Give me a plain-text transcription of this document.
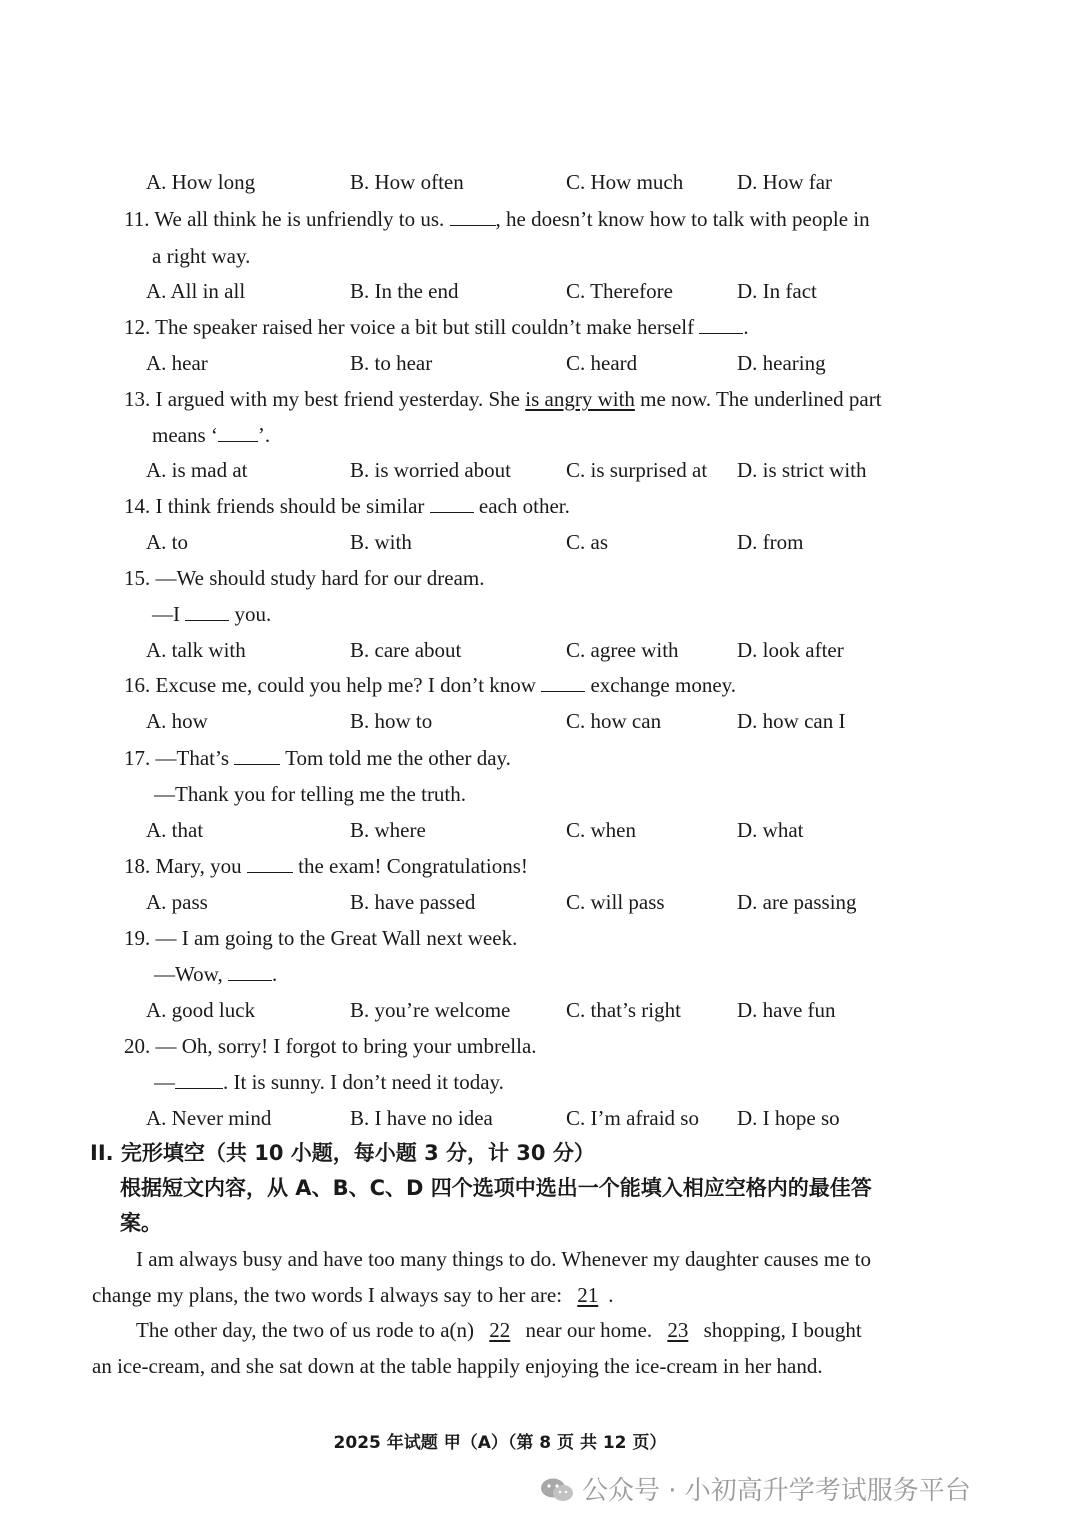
A. How long	B. How often	C. How much	D. How far
11. We all think he is unfriendly to us. , he doesn’t know how to talk with people in
a right way.
A. All in all	B. In the end	C. Therefore	D. In fact
12. The speaker raised her voice a bit but still couldn’t make herself .
A. hear	B. to hear	C. heard	D. hearing
13. I argued with my best friend yesterday. She is angry with me now. The underlined part
means ‘ ’.
A. is mad at	B. is worried about	C. is surprised at D. is strict with
14. I think friends should be similar	each other.
A. to	B. with	C. as	D. from
15. —We should study hard for our dream.
—I	you.
A. talk with	B. care about	C. agree with	D. look after
16. Excuse me, could you help me? I don’t know	exchange money.
A. how	B. how to	C. how can	D. how can I
17. —That’s	Tom told me the other day.
—Thank you for telling me the truth.
A. that	B. where	C. when	D. what
18. Mary, you	the exam! Congratulations!
A. pass	B. have passed	C. will pass	D. are passing
19. — I am going to the Great Wall next week.
—Wow, .
A. good luck	B. you’re welcome	C. that’s right	D. have fun
20. — Oh, sorry! I forgot to bring your umbrella.
— . It is sunny. I don’t need it today.
A. Never mind	B. I have no idea	C. I’m afraid so D. I hope so
II. 完形填空（共 10 小题，每小题 3 分，计 30 分）
根据短文内容，从 A、B、C、D 四个选项中选出一个能填入相应空格内的最佳答
案。
I am always busy and have too many things to do. Whenever my daughter causes me to
change my plans, the two words I always say to her are: 21 .
The other day, the two of us rode to a(n) 22 near our home. 23 shopping, I bought
an ice-cream, and she sat down at the table happily enjoying the ice-cream in her hand.
2025 年试题 甲（A）（第 8 页 共 12 页）
公众号 · 小初高升学考试服务平台
